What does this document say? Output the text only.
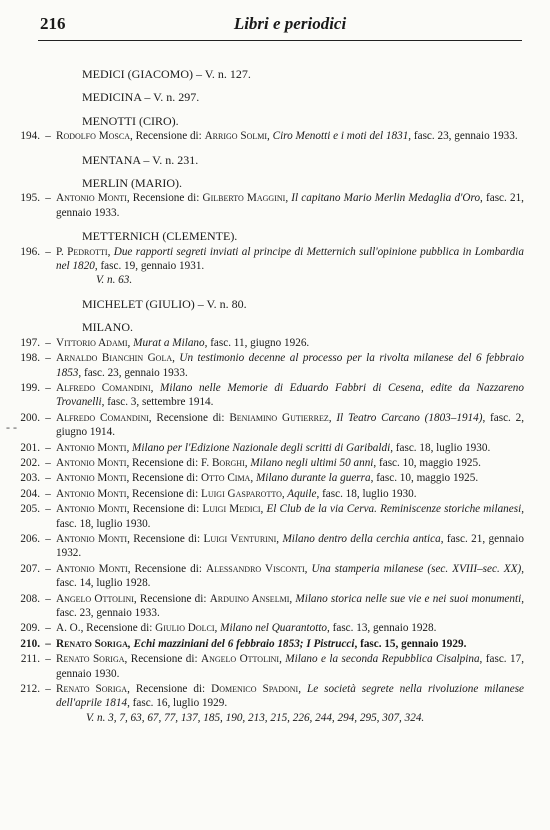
216	Libri e periodici
- -
MEDICI (GIACOMO) – V. n. 127.
MEDICINA – V. n. 297.
MENOTTI (CIRO).
194. – Rodolfo Mosca, Recensione di: Arrigo Solmi, Ciro Menotti e i moti del 1831, fasc. 23, gennaio 1933.
MENTANA – V. n. 231.
MERLIN (MARIO).
195. – Antonio Monti, Recensione di: Gilberto Maggini, Il capitano Mario Merlin Medaglia d'Oro, fasc. 21, gennaio 1933.
METTERNICH (CLEMENTE).
196. – P. Pedrotti, Due rapporti segreti inviati al principe di Metternich sull'opinione pubblica in Lombardia nel 1820, fasc. 19, gennaio 1931.
V. n. 63.
MICHELET (GIULIO) – V. n. 80.
MILANO.
197. – Vittorio Adami, Murat a Milano, fasc. 11, giugno 1926.
198. – Arnaldo Bianchin Gola, Un testimonio decenne al processo per la rivolta milanese del 6 febbraio 1853, fasc. 23, gennaio 1933.
199. – Alfredo Comandini, Milano nelle Memorie di Eduardo Fabbri di Cesena, edite da Nazzareno Trovanelli, fasc. 3, settembre 1914.
200. – Alfredo Comandini, Recensione di: Beniamino Gutierrez, Il Teatro Carcano (1803–1914), fasc. 2, giugno 1914.
201. – Antonio Monti, Milano per l'Edizione Nazionale degli scritti di Garibaldi, fasc. 18, luglio 1930.
202. – Antonio Monti, Recensione di: F. Borghi, Milano negli ultimi 50 anni, fasc. 10, maggio 1925.
203. – Antonio Monti, Recensione di: Otto Cima, Milano durante la guerra, fasc. 10, maggio 1925.
204. – Antonio Monti, Recensione di: Luigi Gasparotto, Aquile, fasc. 18, luglio 1930.
205. – Antonio Monti, Recensione di: Luigi Medici, El Club de la via Cerva. Reminiscenze storiche milanesi, fasc. 18, luglio 1930.
206. – Antonio Monti, Recensione di: Luigi Venturini, Milano dentro della cerchia antica, fasc. 21, gennaio 1932.
207. – Antonio Monti, Recensione di: Alessandro Visconti, Una stamperia milanese (sec. XVIII–sec. XX), fasc. 14, luglio 1928.
208. – Angelo Ottolini, Recensione di: Arduino Anselmi, Milano storica nelle sue vie e nei suoi monumenti, fasc. 23, gennaio 1933.
209. – A. O., Recensione di: Giulio Dolci, Milano nel Quarantotto, fasc. 13, gennaio 1928.
210. – Renato Soriga, Echi mazziniani del 6 febbraio 1853; I Pistrucci, fasc. 15, gennaio 1929.
211. – Renato Soriga, Recensione di: Angelo Ottolini, Milano e la seconda Repubblica Cisalpina, fasc. 17, gennaio 1930.
212. – Renato Soriga, Recensione di: Domenico Spadoni, Le società segrete nella rivoluzione milanese dell'aprile 1814, fasc. 16, luglio 1929.
V. n. 3, 7, 63, 67, 77, 137, 185, 190, 213, 215, 226, 244, 294, 295, 307, 324.
